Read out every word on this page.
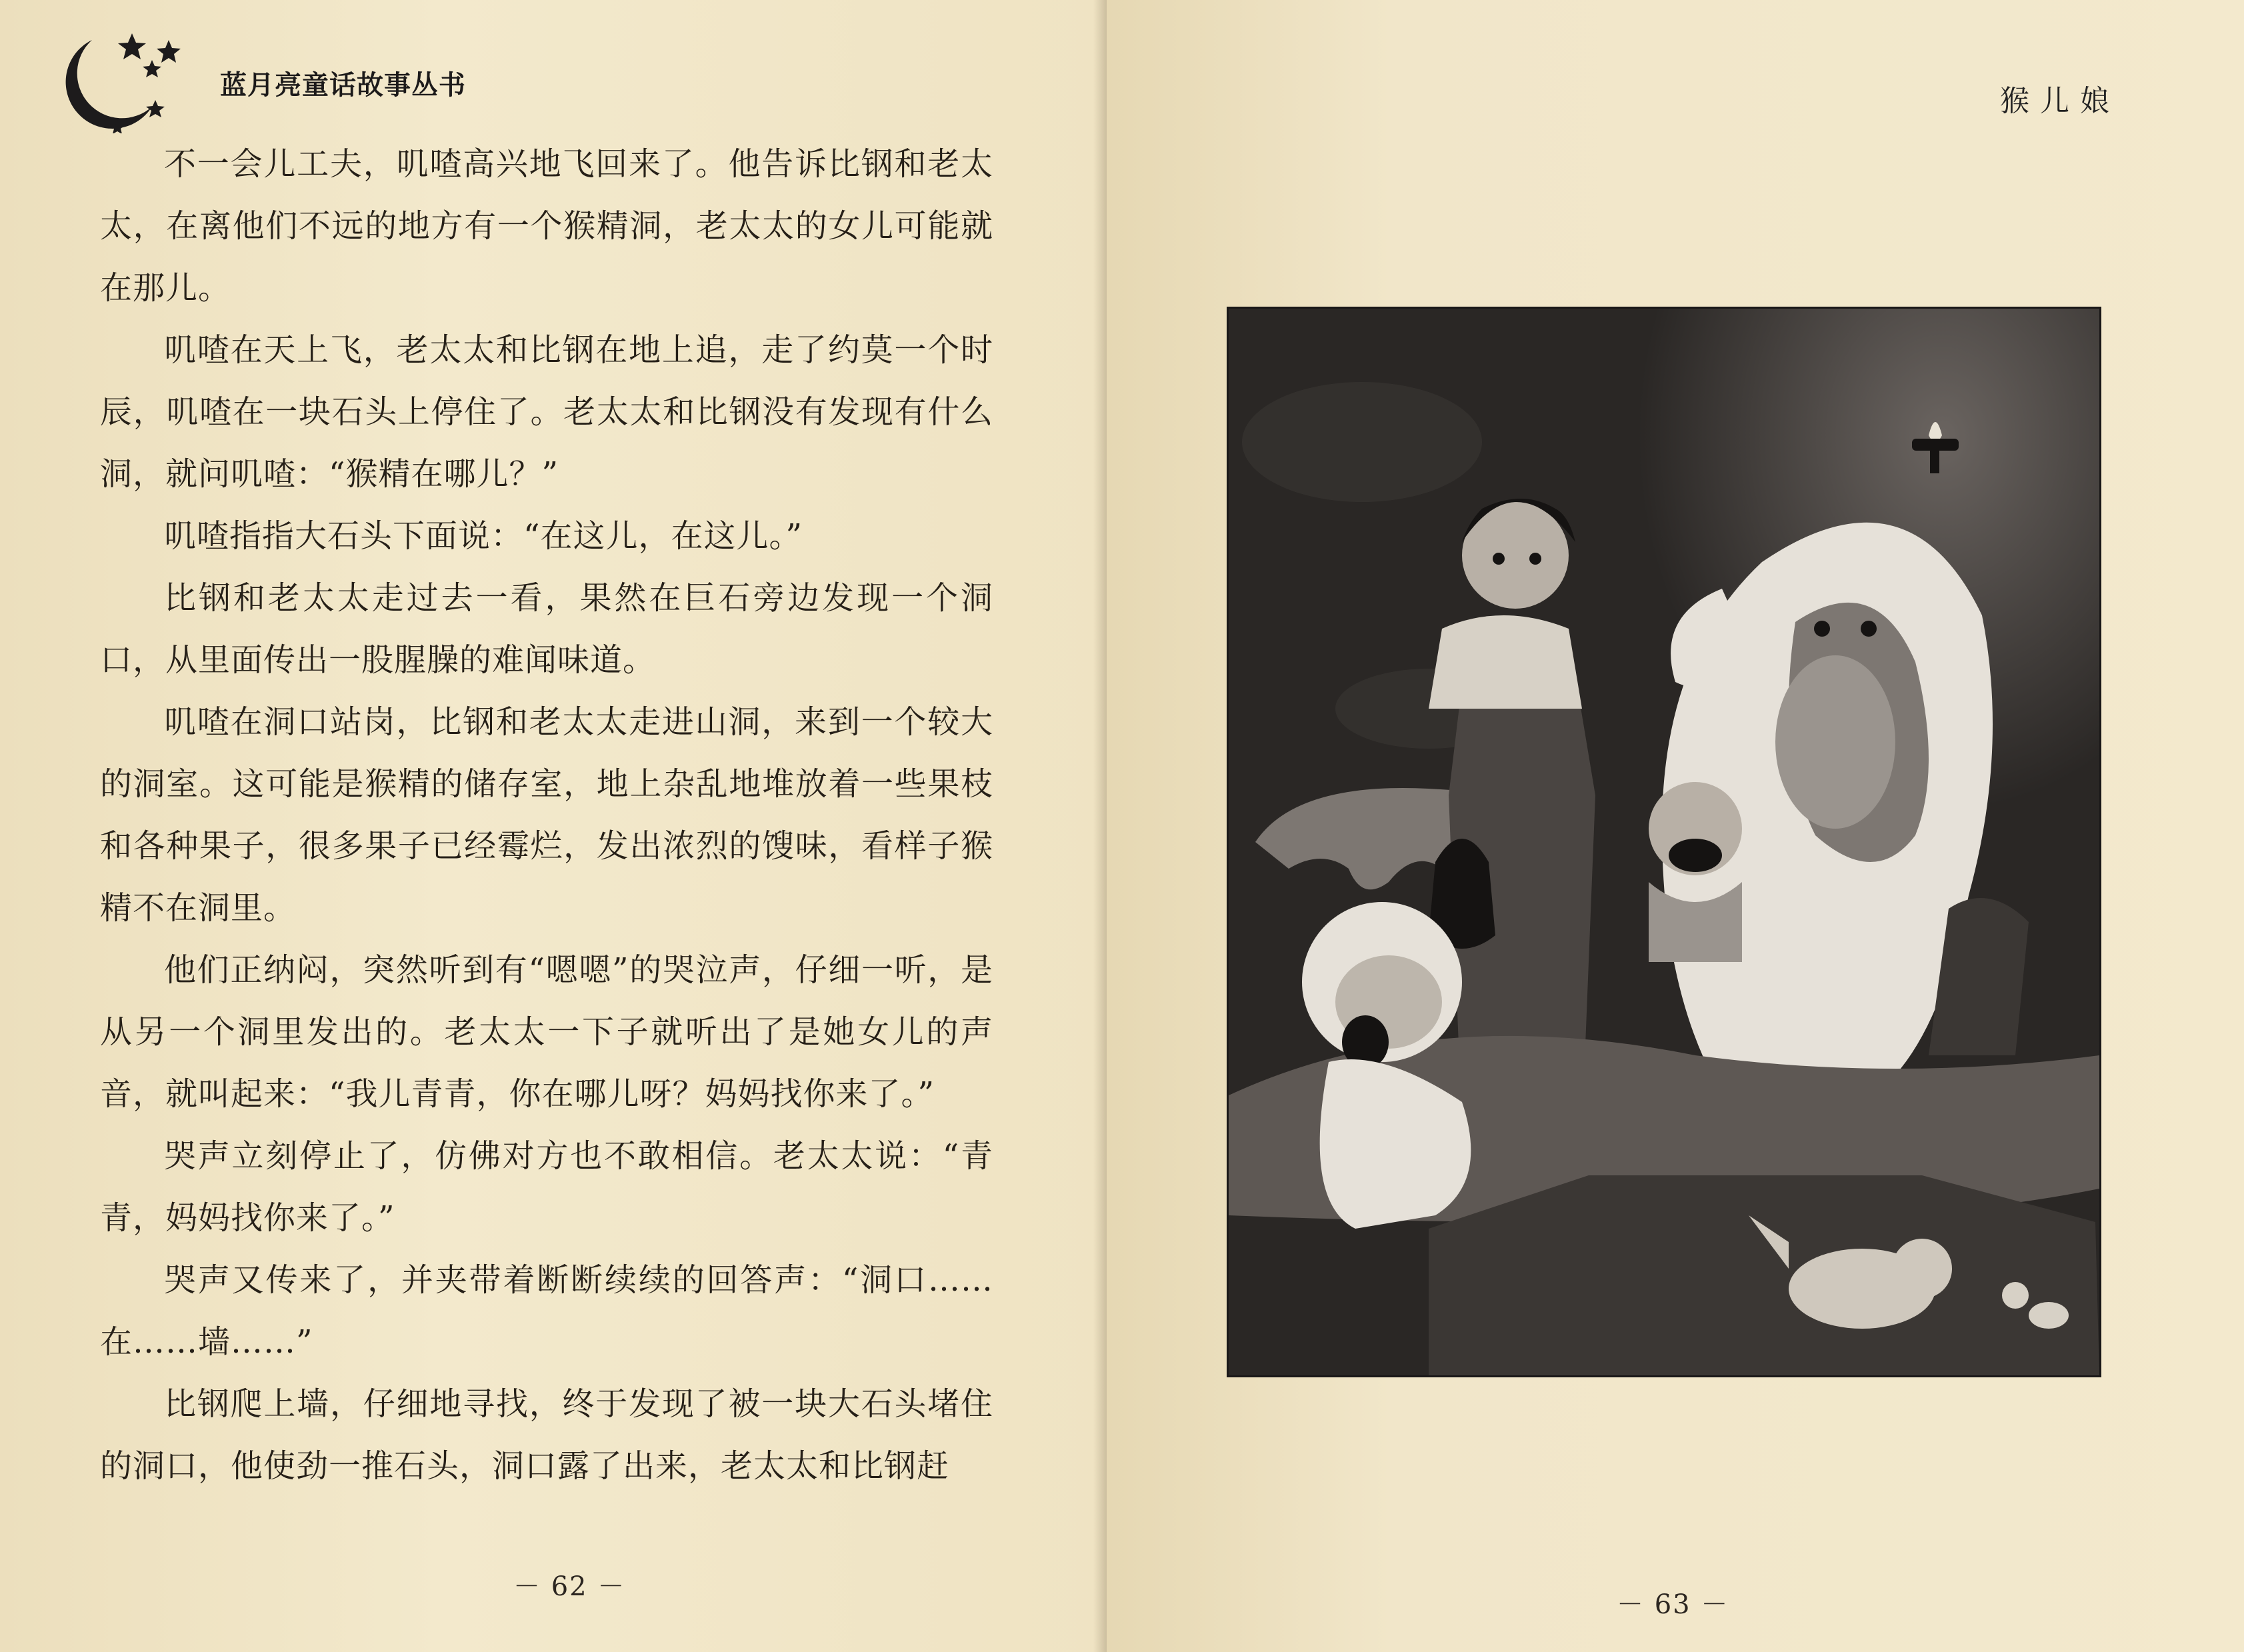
蓝月亮童话故事丛书

不一会儿工夫，叽喳高兴地飞回来了。他告诉比钢和老太太，在离他们不远的地方有一个猴精洞，老太太的女儿可能就在那儿。

叽喳在天上飞，老太太和比钢在地上追，走了约莫一个时辰，叽喳在一块石头上停住了。老太太和比钢没有发现有什么洞，就问叽喳：“猴精在哪儿？”

叽喳指指大石头下面说：“在这儿，在这儿。”

比钢和老太太走过去一看，果然在巨石旁边发现一个洞口，从里面传出一股腥臊的难闻味道。

叽喳在洞口站岗，比钢和老太太走进山洞，来到一个较大的洞室。这可能是猴精的储存室，地上杂乱地堆放着一些果枝和各种果子，很多果子已经霉烂，发出浓烈的馊味，看样子猴精不在洞里。

他们正纳闷，突然听到有“嗯嗯”的哭泣声，仔细一听，是从另一个洞里发出的。老太太一下子就听出了是她女儿的声音，就叫起来：“我儿青青，你在哪儿呀？妈妈找你来了。”

哭声立刻停止了，仿佛对方也不敢相信。老太太说：“青青，妈妈找你来了。”

哭声又传来了，并夹带着断断续续的回答声：“洞口……在……墙……”

比钢爬上墙，仔细地寻找，终于发现了被一块大石头堵住的洞口，他使劲一推石头，洞口露了出来，老太太和比钢赶

－ 62 －
猴儿娘
－ 63 －
